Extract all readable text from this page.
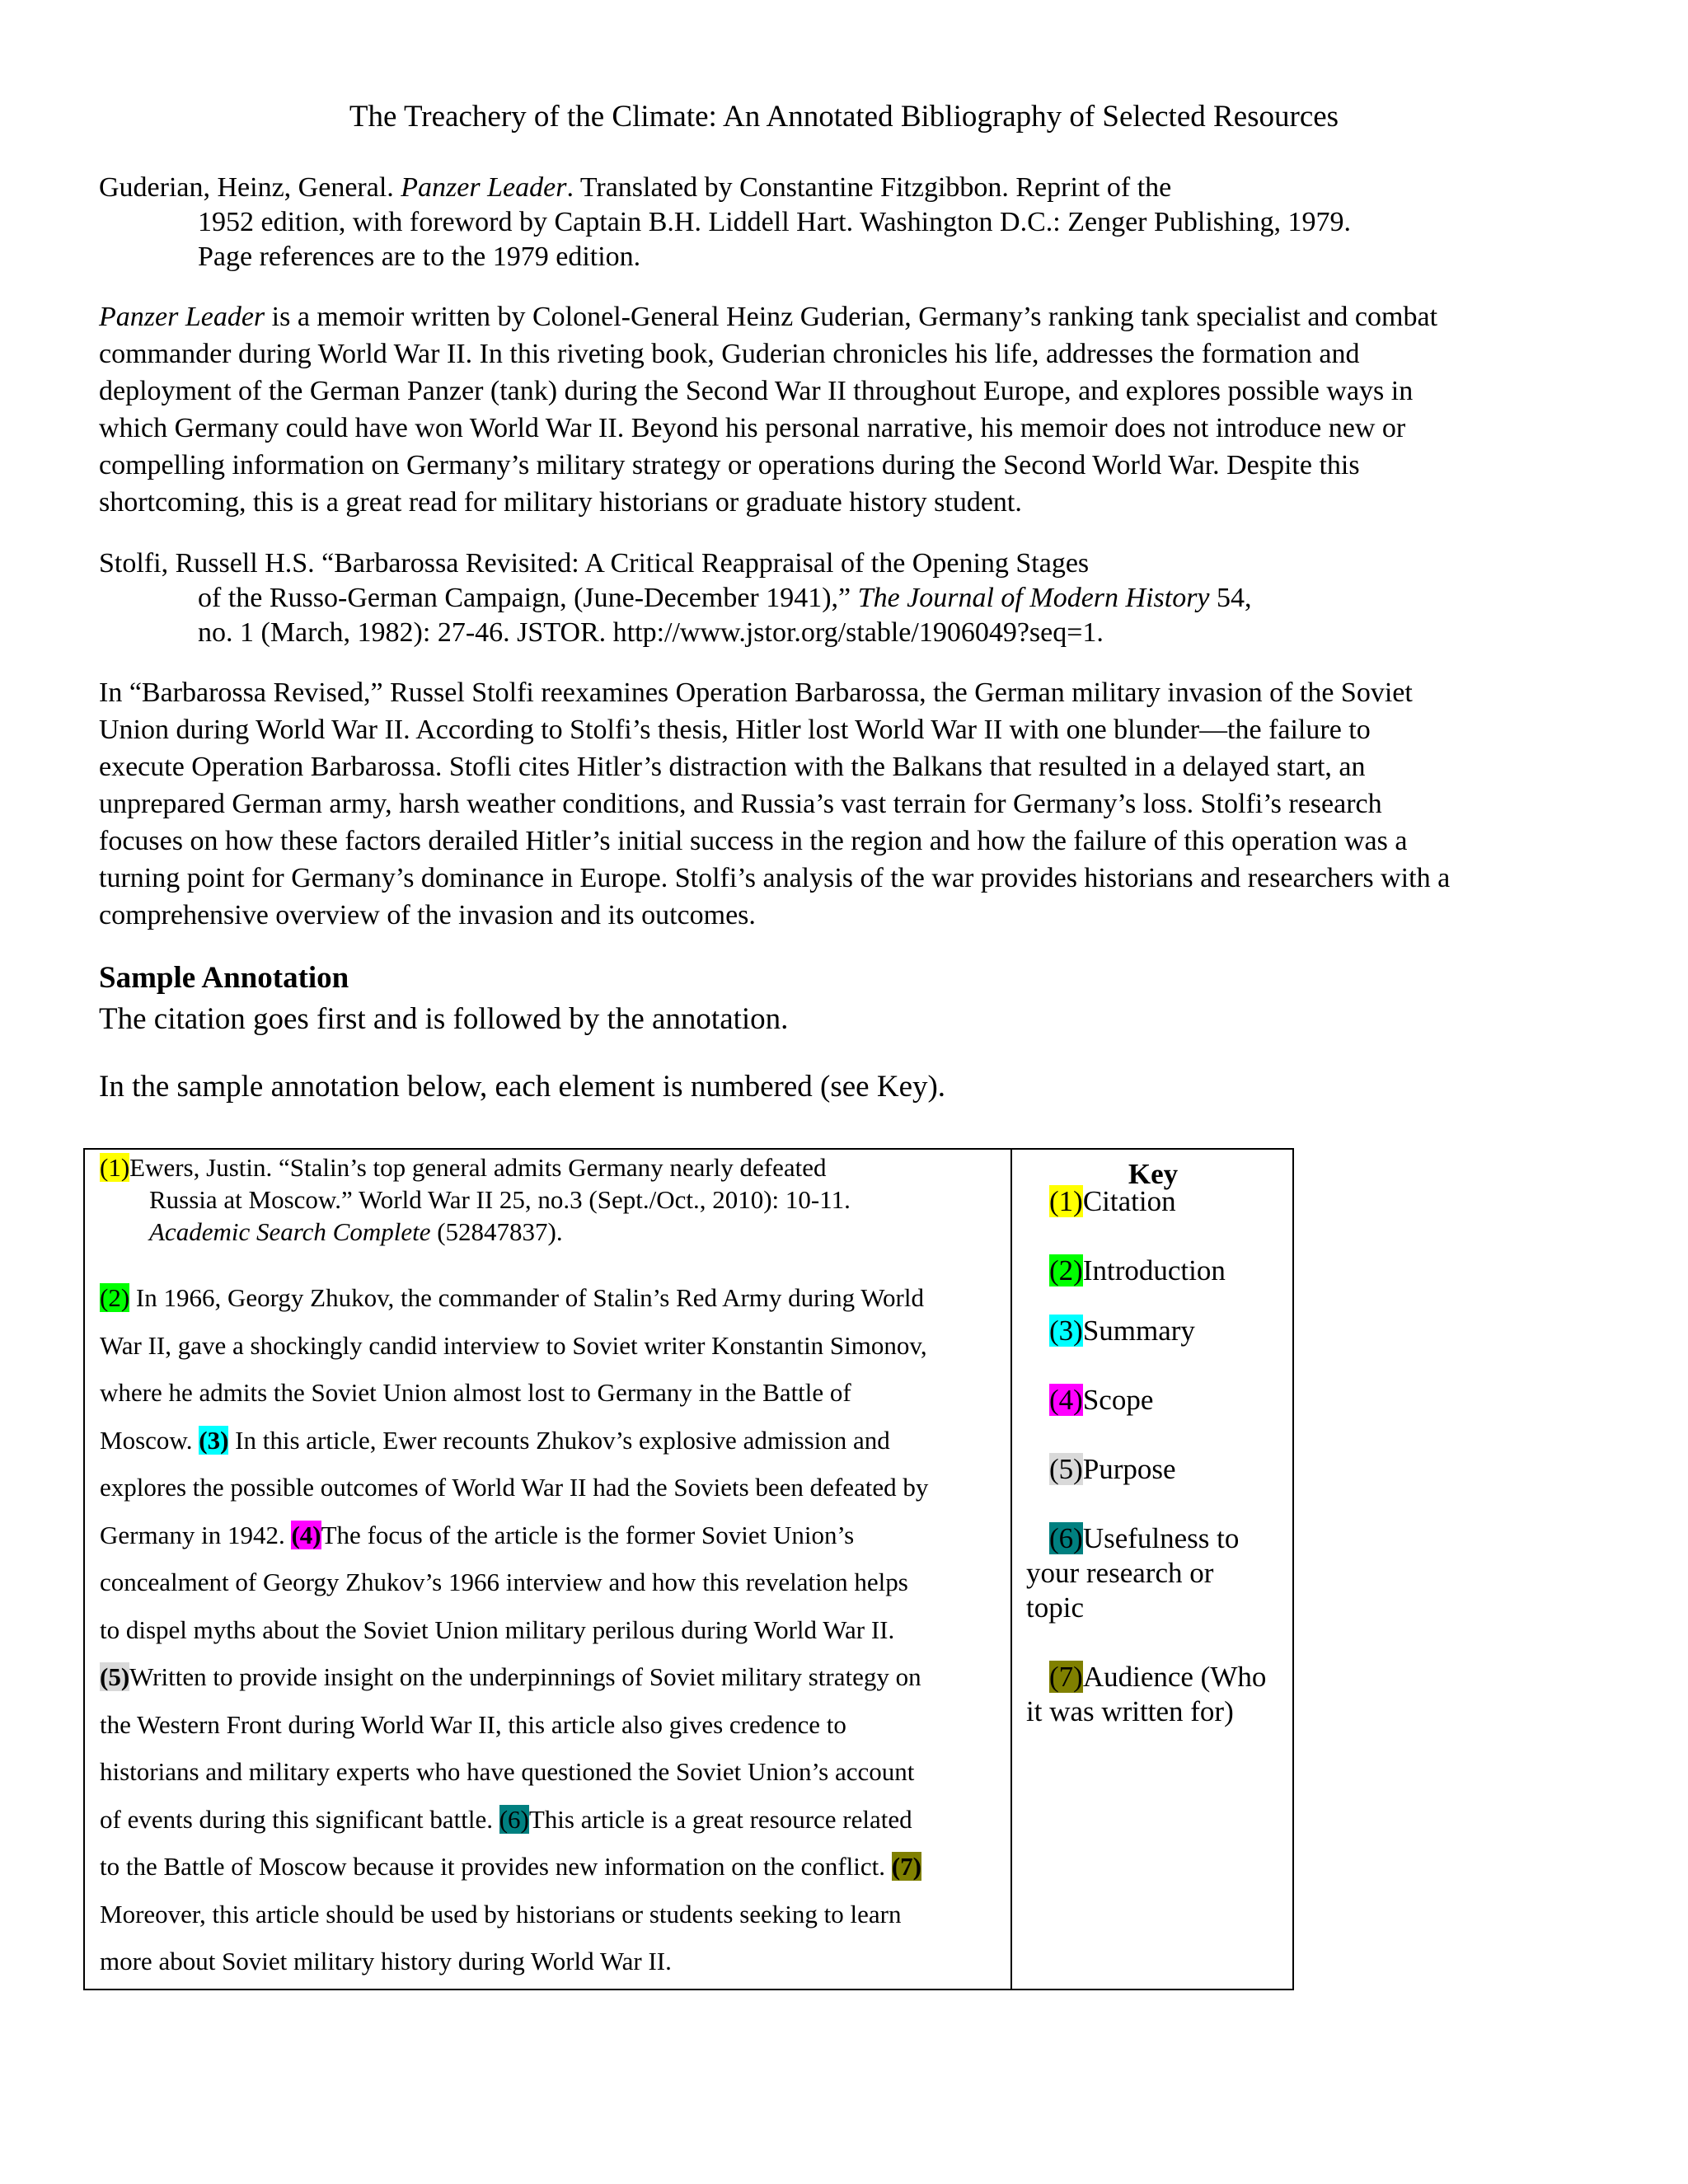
The Treachery of the Climate: An Annotated Bibliography of Selected Resources
Guderian, Heinz, General. Panzer Leader. Translated by Constantine Fitzgibbon. Reprint of the
1952 edition, with foreword by Captain B.H. Liddell Hart. Washington D.C.: Zenger Publishing, 1979.
Page references are to the 1979 edition.
Panzer Leader is a memoir written by Colonel-General Heinz Guderian, Germany’s ranking tank specialist and combat
commander during World War II. In this riveting book, Guderian chronicles his life, addresses the formation and
deployment of the German Panzer (tank) during the Second War II throughout Europe, and explores possible ways in
which Germany could have won World War II. Beyond his personal narrative, his memoir does not introduce new or
compelling information on Germany’s military strategy or operations during the Second World War. Despite this
shortcoming, this is a great read for military historians or graduate history student.
Stolfi, Russell H.S. “Barbarossa Revisited: A Critical Reappraisal of the Opening Stages
of the Russo-German Campaign, (June-December 1941),” The Journal of Modern History 54,
no. 1 (March, 1982): 27-46. JSTOR. http://www.jstor.org/stable/1906049?seq=1.
In “Barbarossa Revised,” Russel Stolfi reexamines Operation Barbarossa, the German military invasion of the Soviet
Union during World War II. According to Stolfi’s thesis, Hitler lost World War II with one blunder—the failure to
execute Operation Barbarossa. Stofli cites Hitler’s distraction with the Balkans that resulted in a delayed start, an
unprepared German army, harsh weather conditions, and Russia’s vast terrain for Germany’s loss. Stolfi’s research
focuses on how these factors derailed Hitler’s initial success in the region and how the failure of this operation was a
turning point for Germany’s dominance in Europe. Stolfi’s analysis of the war provides historians and researchers with a
comprehensive overview of the invasion and its outcomes.
Sample Annotation
The citation goes first and is followed by the annotation.
In the sample annotation below, each element is numbered (see Key).
(1)Ewers, Justin. “Stalin’s top general admits Germany nearly defeated
Russia at Moscow.” World War II 25, no.3 (Sept./Oct., 2010): 10-11.
Academic Search Complete (52847837).
(2) In 1966, Georgy Zhukov, the commander of Stalin’s Red Army during World
War II, gave a shockingly candid interview to Soviet writer Konstantin Simonov,
where he admits the Soviet Union almost lost to Germany in the Battle of
Moscow. (3) In this article, Ewer recounts Zhukov’s explosive admission and
explores the possible outcomes of World War II had the Soviets been defeated by
Germany in 1942. (4)The focus of the article is the former Soviet Union’s
concealment of Georgy Zhukov’s 1966 interview and how this revelation helps
to dispel myths about the Soviet Union military perilous during World War II.
(5)Written to provide insight on the underpinnings of Soviet military strategy on
the Western Front during World War II, this article also gives credence to
historians and military experts who have questioned the Soviet Union’s account
of events during this significant battle. (6)This article is a great resource related
to the Battle of Moscow because it provides new information on the conflict. (7)
Moreover, this article should be used by historians or students seeking to learn
more about Soviet military history during World War II.
Key
(1)Citation
(2)Introduction
(3)Summary
(4)Scope
(5)Purpose
(6)Usefulness to
your research or
topic
(7)Audience (Who
it was written for)
